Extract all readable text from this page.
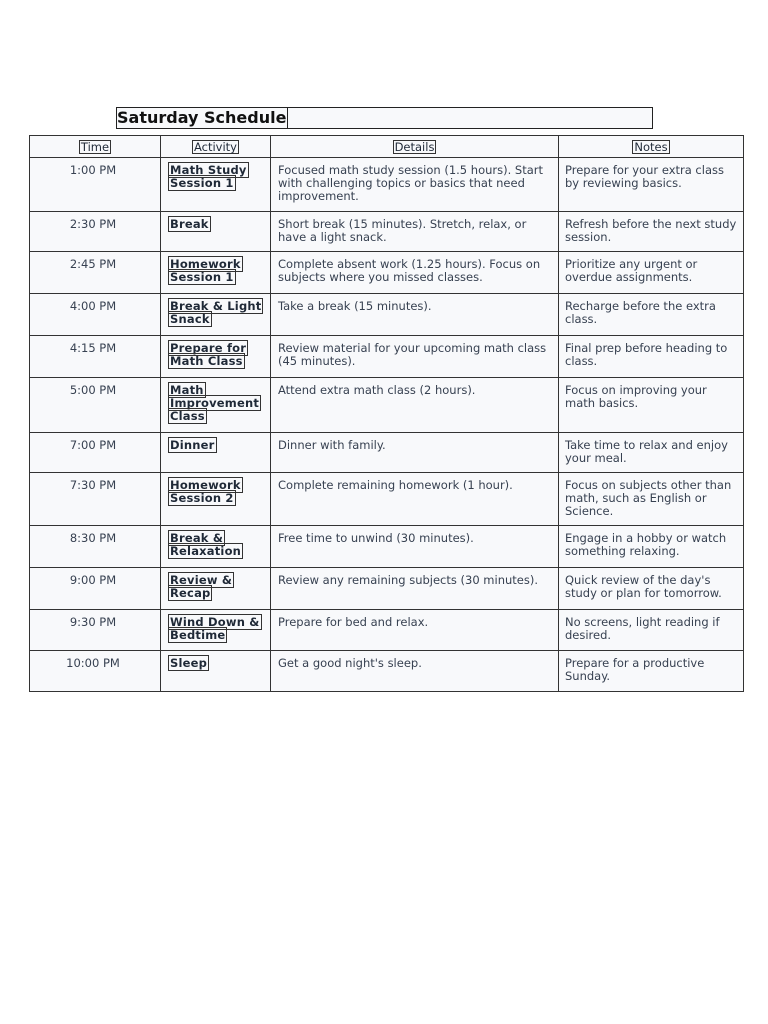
Saturday Schedule
Time	Activity	Details	Notes
1:00 PM	Math Study Session 1	Focused math study session (1.5 hours). Start with challenging topics or basics that need improvement.	Prepare for your extra class by reviewing basics.
2:30 PM	Break	Short break (15 minutes). Stretch, relax, or have a light snack.	Refresh before the next study session.
2:45 PM	Homework Session 1	Complete absent work (1.25 hours). Focus on subjects where you missed classes.	Prioritize any urgent or overdue assignments.
4:00 PM	Break & Light Snack	Take a break (15 minutes).	Recharge before the extra class.
4:15 PM	Prepare for Math Class	Review material for your upcoming math class (45 minutes).	Final prep before heading to class.
5:00 PM	Math Improvement Class	Attend extra math class (2 hours).	Focus on improving your math basics.
7:00 PM	Dinner	Dinner with family.	Take time to relax and enjoy your meal.
7:30 PM	Homework Session 2	Complete remaining homework (1 hour).	Focus on subjects other than math, such as English or Science.
8:30 PM	Break & Relaxation	Free time to unwind (30 minutes).	Engage in a hobby or watch something relaxing.
9:00 PM	Review & Recap	Review any remaining subjects (30 minutes).	Quick review of the day's study or plan for tomorrow.
9:30 PM	Wind Down & Bedtime	Prepare for bed and relax.	No screens, light reading if desired.
10:00 PM	Sleep	Get a good night's sleep.	Prepare for a productive Sunday.
